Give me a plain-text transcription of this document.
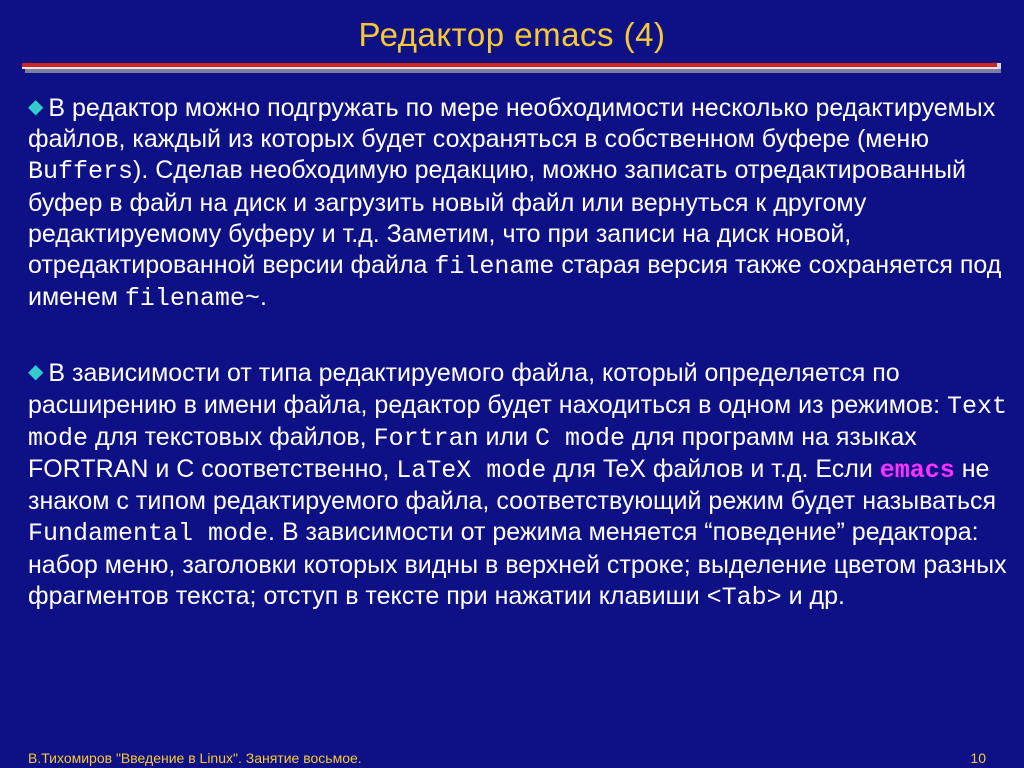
Редактор emacs (4)

◆ В редактор можно подгружать по мере необходимости несколько редактируемых файлов, каждый из которых будет сохраняться в собственном буфере (меню Buffers). Сделав необходимую редакцию, можно записать отредактированный буфер в файл на диск и загрузить новый файл или вернуться к другому редактируемому буферу и т.д. Заметим, что при записи на диск новой, отредактированной версии файла filename старая версия также сохраняется под именем filename~.

◆ В зависимости от типа редактируемого файла, который определяется по расширению в имени файла, редактор будет находиться в одном из режимов: Text mode для текстовых файлов, Fortran или C mode для программ на языках FORTRAN и C соответственно, LaTeX mode для TeX файлов и т.д. Если emacs не знаком с типом редактируемого файла, соответствующий режим будет называться Fundamental mode. В зависимости от режима меняется “поведение” редактора: набор меню, заголовки которых видны в верхней строке; выделение цветом разных фрагментов текста; отступ в тексте при нажатии клавиши <Tab> и др.

В.Тихомиров "Введение в Linux". Занятие восьмое.	10
